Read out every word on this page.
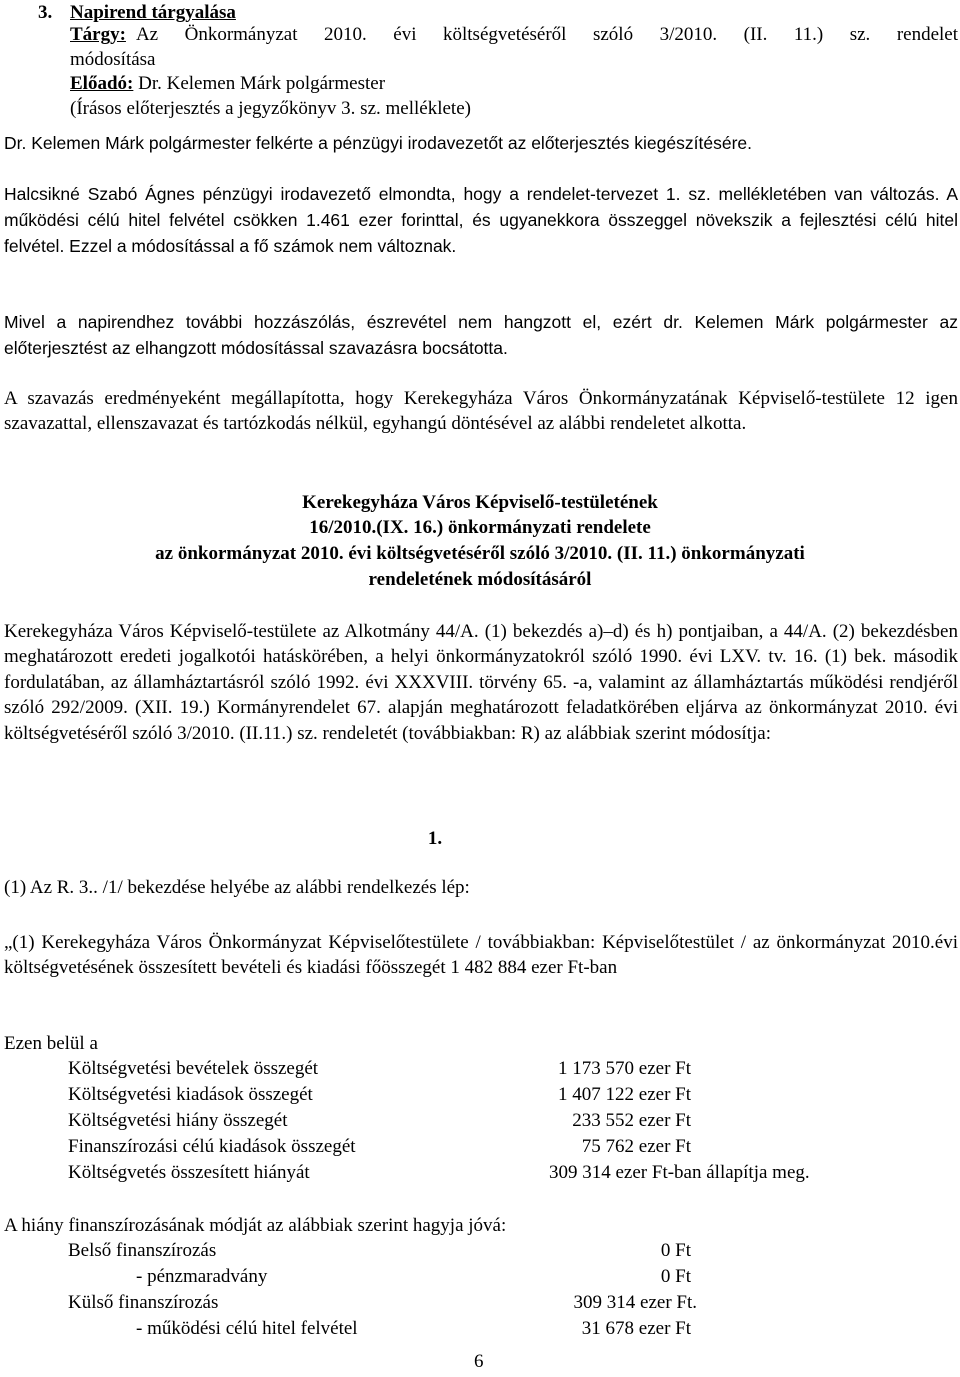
3. Napirend tárgyalása
Tárgy: Az Önkormányzat 2010. évi költségvetéséről szóló 3/2010. (II. 11.) sz. rendelet
módosítása
Előadó: Dr. Kelemen Márk polgármester
(Írásos előterjesztés a jegyzőkönyv 3. sz. melléklete)
Dr. Kelemen Márk polgármester felkérte a pénzügyi irodavezetőt az előterjesztés kiegészítésére.
Halcsikné Szabó Ágnes pénzügyi irodavezető elmondta, hogy a rendelet-tervezet 1. sz. mellékletében van változás. A működési célú hitel felvétel csökken 1.461 ezer forinttal, és ugyanekkora összeggel növekszik a fejlesztési célú hitel felvétel. Ezzel a módosítással a fő számok nem változnak.
Mivel a napirendhez további hozzászólás, észrevétel nem hangzott el, ezért dr. Kelemen Márk polgármester az előterjesztést az elhangzott módosítással szavazásra bocsátotta.
A szavazás eredményeként megállapította, hogy Kerekegyháza Város Önkormányzatának Képviselő-testülete 12 igen szavazattal, ellenszavazat és tartózkodás nélkül, egyhangú döntésével az alábbi rendeletet alkotta.
Kerekegyháza Város Képviselő-testületének
16/2010.(IX. 16.) önkormányzati rendelete
az önkormányzat 2010. évi költségvetéséről szóló 3/2010. (II. 11.) önkormányzati
rendeletének módosításáról
Kerekegyháza Város Képviselő-testülete az Alkotmány 44/A. (1) bekezdés a)–d) és h) pontjaiban, a 44/A. (2) bekezdésben meghatározott eredeti jogalkotói hatáskörében, a helyi önkormányzatokról szóló 1990. évi LXV. tv. 16. (1) bek. második fordulatában, az államháztartásról szóló 1992. évi XXXVIII. törvény 65. -a, valamint az államháztartás működési rendjéről szóló 292/2009. (XII. 19.) Kormányrendelet 67. alapján meghatározott feladatkörében eljárva az önkormányzat 2010. évi költségvetéséről szóló 3/2010. (II.11.) sz. rendeletét (továbbiakban: R) az alábbiak szerint módosítja:
1.
(1) Az R. 3.. /1/ bekezdése helyébe az alábbi rendelkezés lép:
„(1) Kerekegyháza Város Önkormányzat Képviselőtestülete / továbbiakban: Képviselőtestület / az önkormányzat 2010.évi költségvetésének összesített bevételi és kiadási főösszegét 1 482 884 ezer Ft-ban
Ezen belül a
Költségvetési bevételek összegét	1 173 570 ezer Ft
Költségvetési kiadások összegét	1 407 122 ezer Ft
Költségvetési hiány összegét	233 552 ezer Ft
Finanszírozási célú kiadások összegét	75 762 ezer Ft
Költségvetés összesített hiányát	309 314 ezer Ft-ban állapítja meg.
A hiány finanszírozásának módját az alábbiak szerint hagyja jóvá:
Belső finanszírozás	0 Ft
- pénzmaradvány	0 Ft
Külső finanszírozás	309 314 ezer Ft.
- működési célú hitel felvétel	31 678 ezer Ft
6
